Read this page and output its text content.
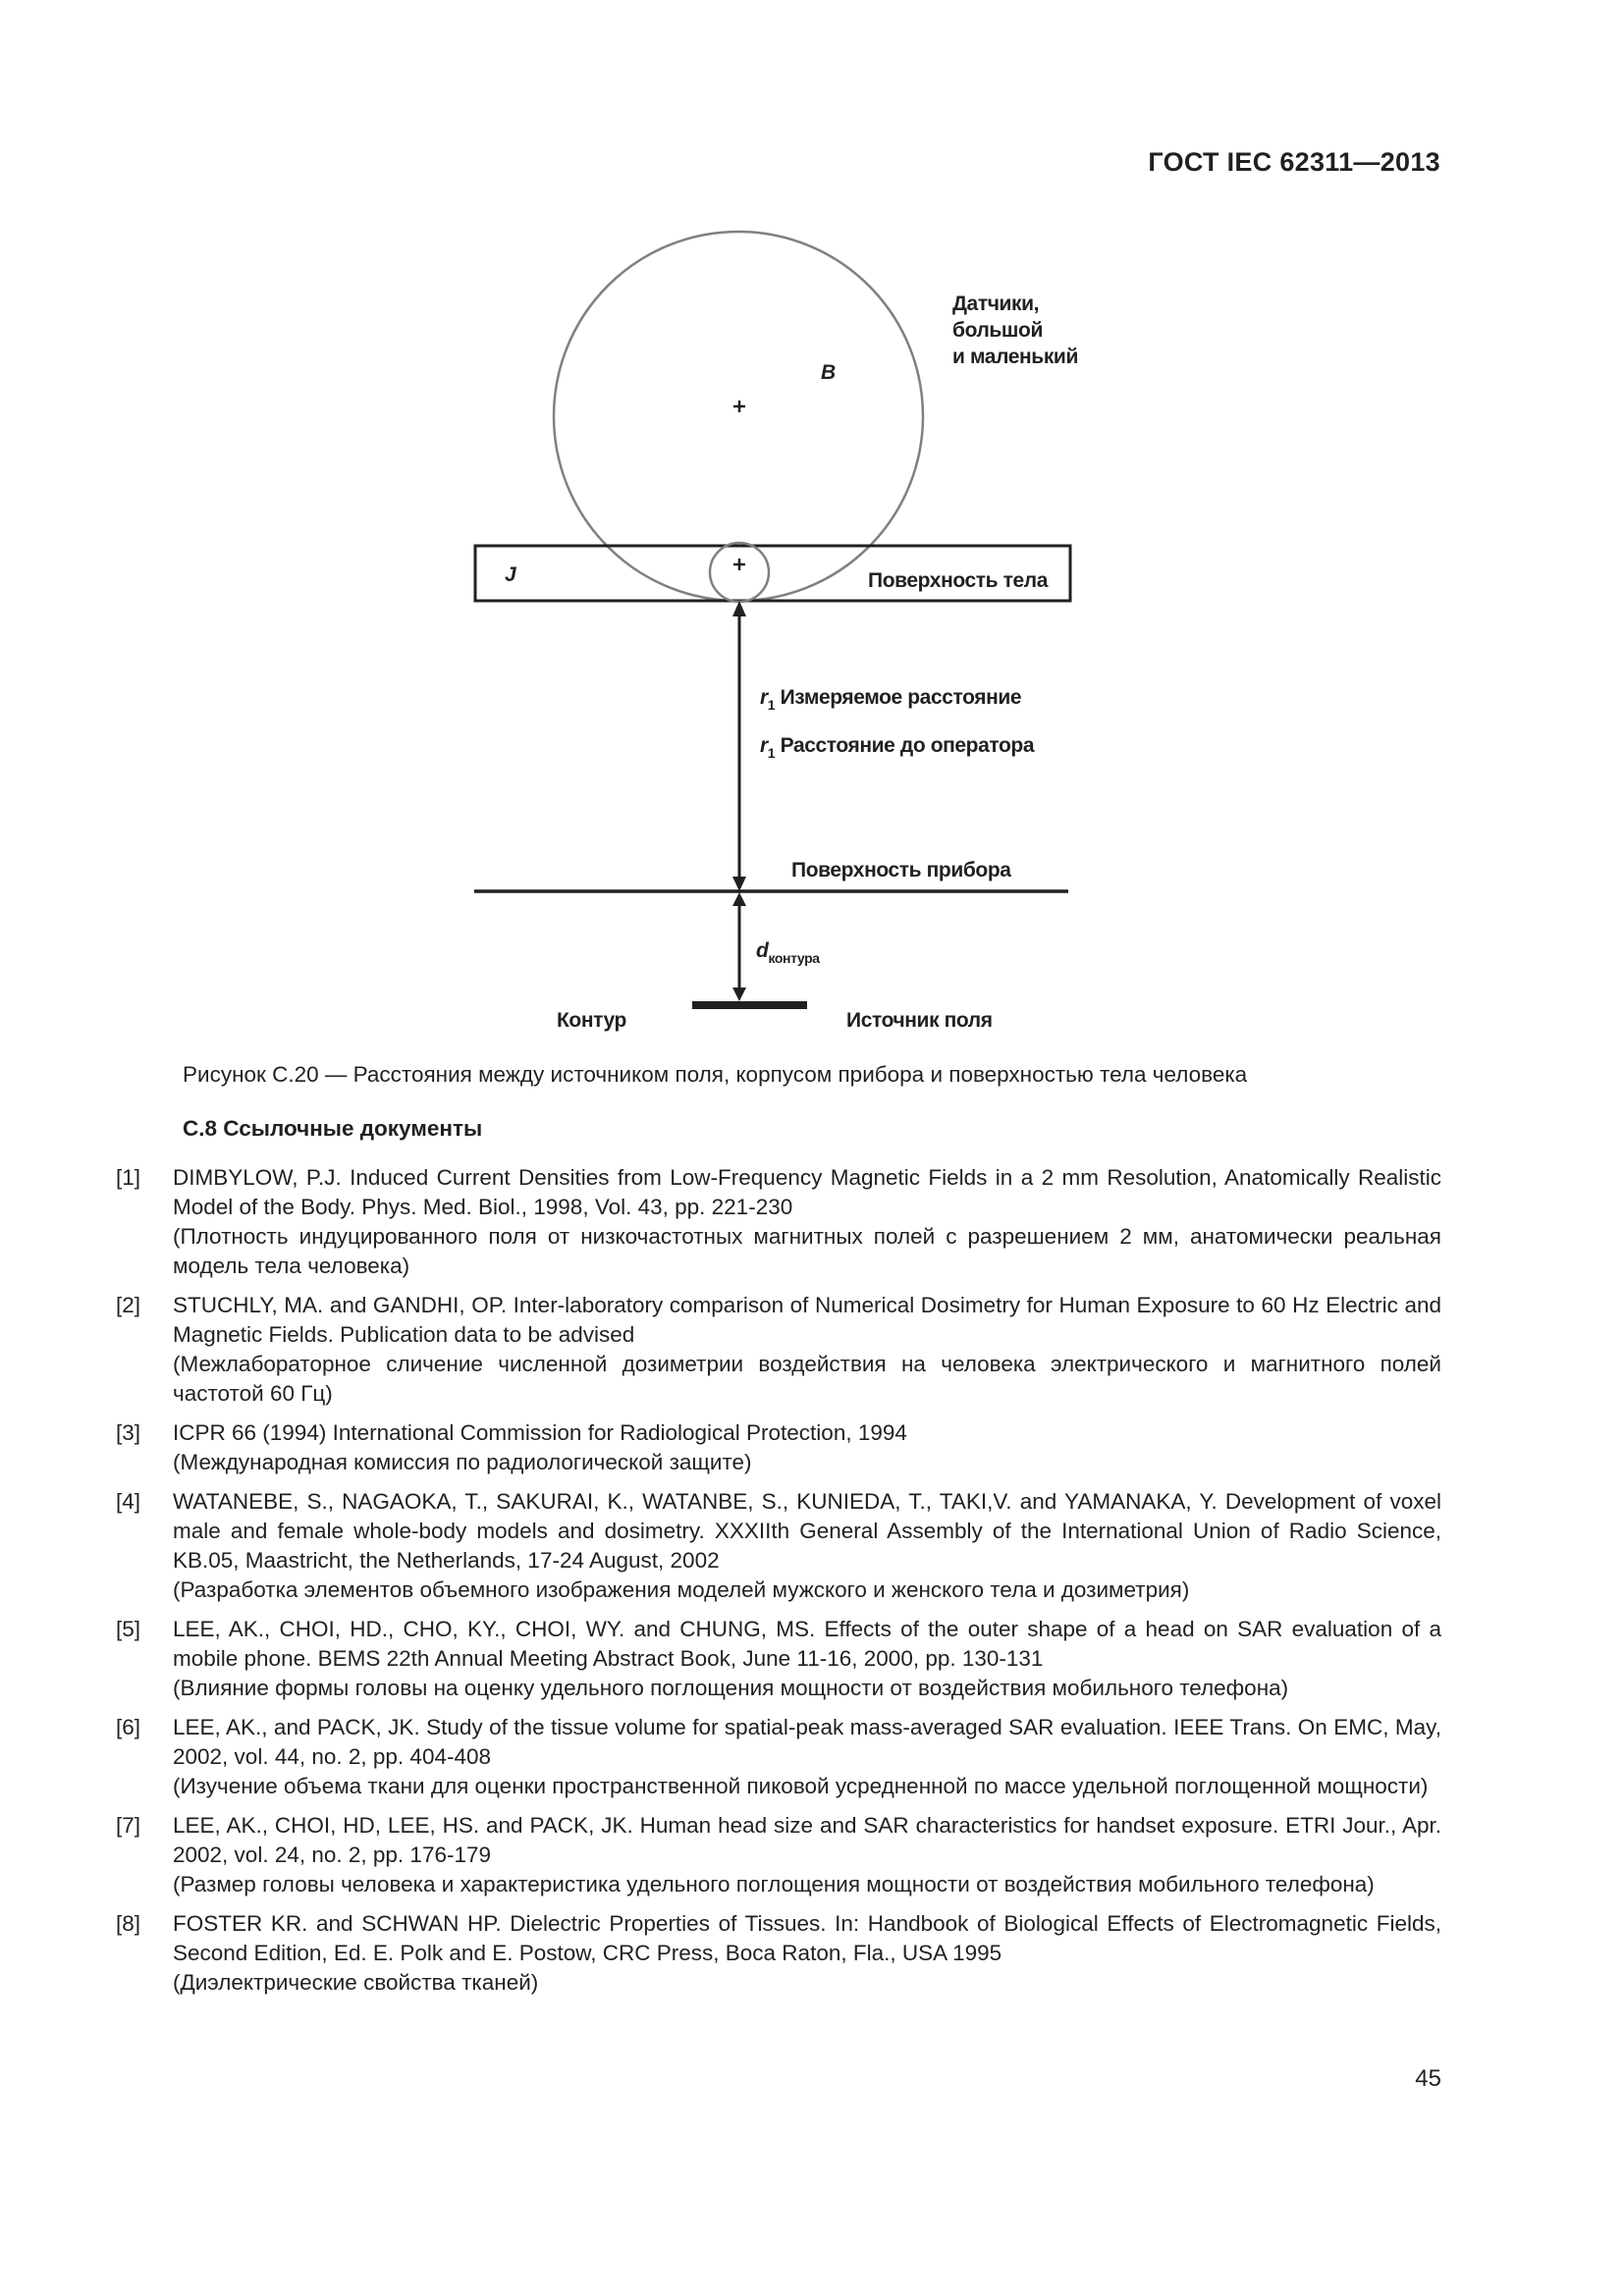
ГОСТ IEC 62311—2013
Датчики,
большой
и маленький
B
J	Поверхность тела
$r_1$ Измеряемое расстояние
$r_1$ Расстояние до оператора
Поверхность прибора
$d_{контура}$
Контур	Источник поля
Рисунок С.20 — Расстояния между источником поля, корпусом прибора и поверхностью тела человека
С.8 Ссылочные документы
[1] DIMBYLOW, P.J. Induced Current Densities from Low-Frequency Magnetic Fields in a 2 mm Resolution, Anatomically Realistic Model of the Body. Phys. Med. Biol., 1998, Vol. 43, pp. 221-230
(Плотность индуцированного поля от низкочастотных магнитных полей с разрешением 2 мм, анатомически реальная модель тела человека)
[2] STUCHLY, MA. and GANDHI, OP. Inter-laboratory comparison of Numerical Dosimetry for Human Exposure to 60 Hz Electric and Magnetic Fields. Publication data to be advised
(Межлабораторное сличение численной дозиметрии воздействия на человека электрического и магнитного полей частотой 60 Гц)
[3] ICPR 66 (1994) International Commission for Radiological Protection, 1994
(Международная комиссия по радиологической защите)
[4] WATANEBE, S., NAGAOKA, T., SAKURAI, K., WATANBE, S., KUNIEDA, T., TAKI,V. and YAMANAKA, Y. Development of voxel male and female whole-body models and dosimetry. XXXIIth General Assembly of the International Union of Radio Science, KB.05, Maastricht, the Netherlands, 17-24 August, 2002
(Разработка элементов объемного изображения моделей мужского и женского тела и дозиметрия)
[5] LEE, AK., CHOI, HD., CHO, KY., CHOI, WY. and CHUNG, MS. Effects of the outer shape of a head on SAR evaluation of a mobile phone. BEMS 22th Annual Meeting Abstract Book, June 11-16, 2000, pp. 130-131
(Влияние формы головы на оценку удельного поглощения мощности от воздействия мобильного телефона)
[6] LEE, AK., and PACK, JK. Study of the tissue volume for spatial-peak mass-averaged SAR evaluation. IEEE Trans. On EMC, May, 2002, vol. 44, no. 2, pp. 404-408
(Изучение объема ткани для оценки пространственной пиковой усредненной по массе удельной поглощенной мощности)
[7] LEE, AK., CHOI, HD, LEE, HS. and PACK, JK. Human head size and SAR characteristics for handset exposure. ETRI Jour., Apr. 2002, vol. 24, no. 2, pp. 176-179
(Размер головы человека и характеристика удельного поглощения мощности от воздействия мобильного телефона)
[8] FOSTER KR. and SCHWAN HP. Dielectric Properties of Tissues. In: Handbook of Biological Effects of Electromagnetic Fields, Second Edition, Ed. E. Polk and E. Postow, CRC Press, Boca Raton, Fla., USA 1995
(Диэлектрические свойства тканей)
45
